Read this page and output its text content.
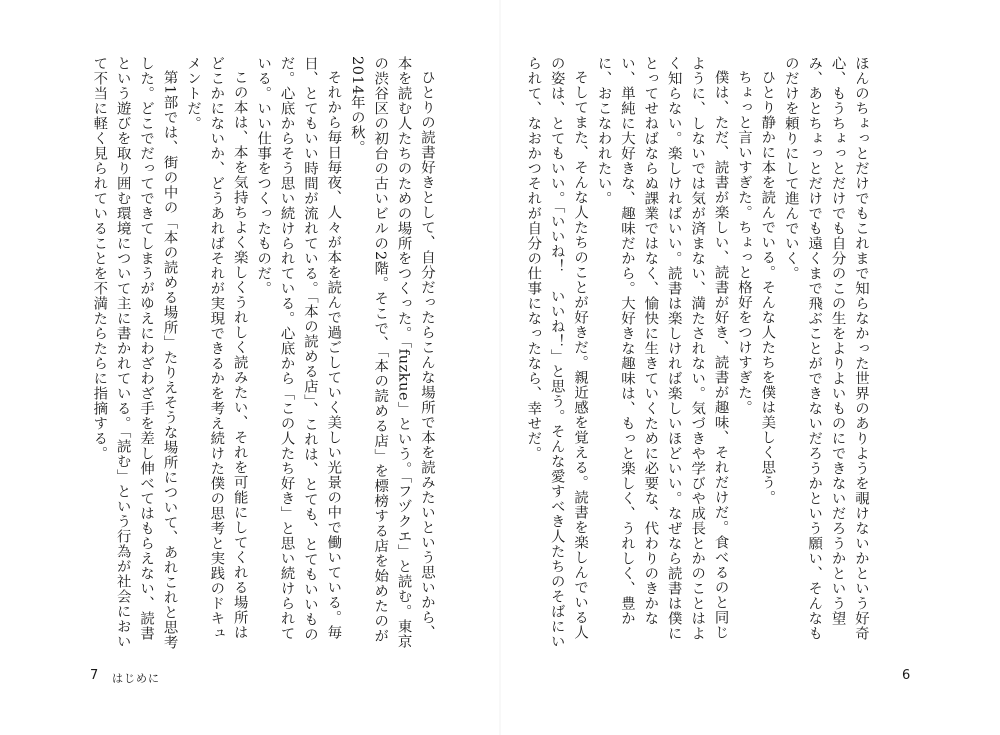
ほんのちょっとだけでもこれまで知らなかった世界のありようを覗けないかという好奇心、もうちょっとだけでも自分のこの生をよりよいものにできないだろうかという望み、あとちょっとだけでも遠くまで飛ぶことができないだろうかという願い、そんなものだけを頼りにして進んでいく。

ひとり静かに本を読んでいる。そんな人たちを僕は美しく思う。

ちょっと言いすぎた。ちょっと格好をつけすぎた。

僕は、ただ、読書が楽しい、読書が好き、読書が趣味、それだけだ。食べるのと同じように、しないでは気が済まない、満たされない。気づきや学びや成長とかのことはよく知らない。楽しければいい。読書は楽しければ楽しいほどいい。なぜなら読書は僕にとってせねばならぬ課業ではなく、愉快に生きていくために必要な、代わりのきかない、単純に大好きな、趣味だから。大好きな趣味は、もっと楽しく、うれしく、豊かに、おこなわれたい。

そしてまた、そんな人たちのことが好きだ。親近感を覚える。読書を楽しんでいる人の姿は、とてもいい。「いいね！　いいね！」と思う。そんな愛すべき人たちのそばにいられて、なおかつそれが自分の仕事になったなら、幸せだ。

ひとりの読書好きとして、自分だったらこんな場所で本を読みたいという思いから、本を読む人たちのための場所をつくった。「fuzkue」という。「フヅクエ」と読む。東京の渋谷区の初台の古いビルの2階。そこで、「本の読める店」を標榜する店を始めたのが2014年の秋。

それから毎日毎夜、人々が本を読んで過ごしていく美しい光景の中で働いている。毎日、とてもいい時間が流れている。「本の読める店」、これは、とても、とてもいいものだ。心底からそう思い続けられている。心底から「この人たち好き」と思い続けられている。いい仕事をつくったものだ。

この本は、本を気持ちよく楽しくうれしく読みたい、それを可能にしてくれる場所はどこかにないか、どうあればそれが実現できるかを考え続けた僕の思考と実践のドキュメントだ。

第1部では、街の中の「本の読める場所」たりえそうな場所について、あれこれと思考した。どこでだってできてしまうがゆえにわざわざ手を差し伸べてはもらえない、読書という遊びを取り囲む環境について主に書かれている。「読む」という行為が社会において不当に軽く見られていることを不満たらたらに指摘する。

7 はじめに	6
